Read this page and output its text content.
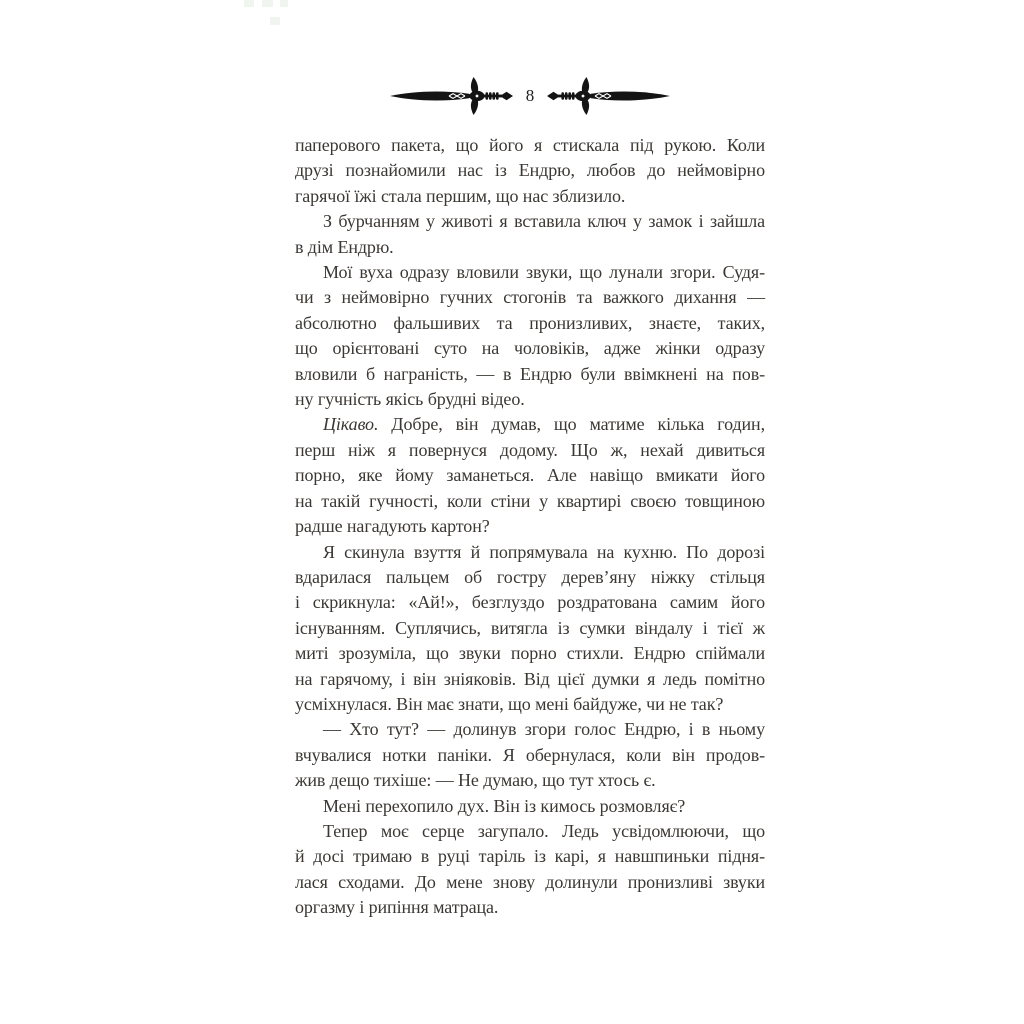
8
паперового пакета, що його я стискала під рукою. Коли
друзі познайомили нас із Ендрю, любов до неймовірно
гарячої їжі стала першим, що нас зблизило.
З бурчанням у животі я вставила ключ у замок і зайшла
в дім Ендрю.
Мої вуха одразу вловили звуки, що лунали згори. Судя-
чи з неймовірно гучних стогонів та важкого дихання —
абсолютно фальшивих та пронизливих, знаєте, таких,
що орієнтовані суто на чоловіків, адже жінки одразу
вловили б награність, — в Ендрю були ввімкнені на пов-
ну гучність якісь брудні відео.
Цікаво. Добре, він думав, що матиме кілька годин,
перш ніж я повернуся додому. Що ж, нехай дивиться
порно, яке йому заманеться. Але навіщо вмикати його
на такій гучності, коли стіни у квартирі своєю товщиною
радше нагадують картон?
Я скинула взуття й попрямувала на кухню. По дорозі
вдарилася пальцем об гостру дерев’яну ніжку стільця
і скрикнула: «Ай!», безглуздо роздратована самим його
існуванням. Суплячись, витягла із сумки віндалу і тієї ж
миті зрозуміла, що звуки порно стихли. Ендрю спіймали
на гарячому, і він зніяковів. Від цієї думки я ледь помітно
усміхнулася. Він має знати, що мені байдуже, чи не так?
— Хто тут? — долинув згори голос Ендрю, і в ньому
вчувалися нотки паніки. Я обернулася, коли він продов-
жив дещо тихіше: — Не думаю, що тут хтось є.
Мені перехопило дух. Він із кимось розмовляє?
Тепер моє серце загупало. Ледь усвідомлюючи, що
й досі тримаю в руці таріль із карі, я навшпиньки підня-
лася сходами. До мене знову долинули пронизливі звуки
оргазму і рипіння матраца.
